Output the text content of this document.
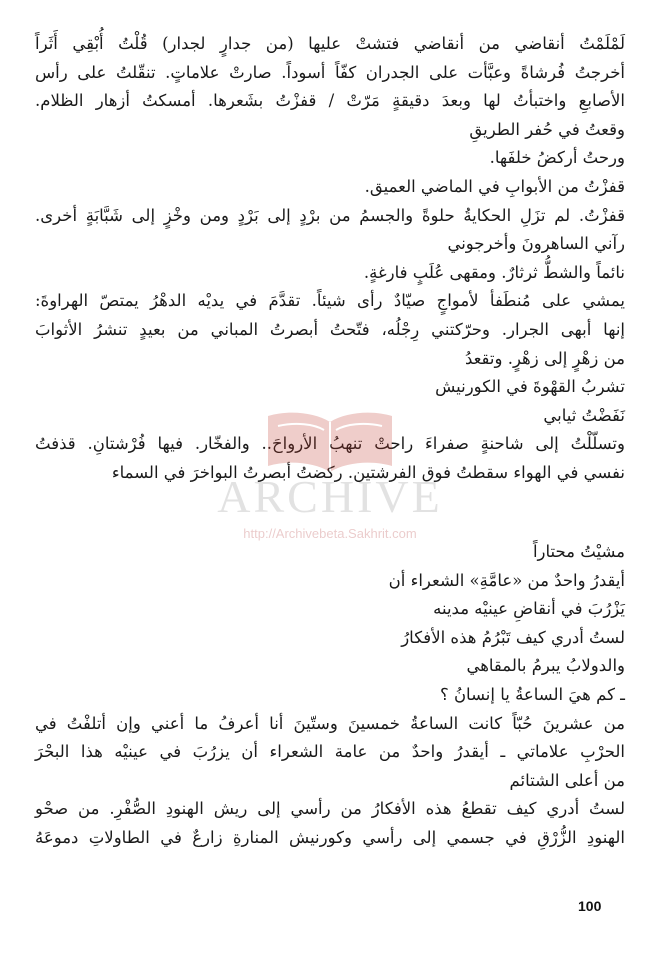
لَمْلَمْتُ أنقاضي من أنقاضي فتشتْ عليها (من جدارٍ لجدار) قُلْتُ أُبْقِي أَثَراً
أخرجتُ فُرشاةً وعبَّأت على الجدران كفّاً أسوداً. صارتْ علاماتٍ. تنقّلتُ على رأس
الأصابعِ واختبأتُ لها وبعدَ دقيقةٍ مَرّتْ / قفزْتُ بشَعرها. أمسكتُ أزهار الظلام.
وقعتُ في حُفر الطريقِ
ورحتُ أركضُ خلفَها.
قفزْتُ من الأبوابِ في الماضي العميق.
قفزْتُ. لم تزَلِ الحكايةُ حلوةً والجسمُ من برْدٍ إلى بَرْدٍ ومن وخْزٍ إلى شَبَّابَةٍ أخرى.
رآني الساهرونَ وأخرجوني
نائماً والشطُّ ثرثارٌ. ومقهى عُلَبٍ فارغةٍ.
يمشي على مُنطَفأ لأمواجٍ صيّادٌ رأى شيئاً. تقدَّمَ في يديْه الدهْرُ يمتصّ الهراوةَ:
إنها أبهى الجرار. وحرّكتني رِجْلُه، فتّحتُ أبصرتُ المباني من بعيدٍ تنشرُ الأثوابَ
من زهْرٍ إلى زهْرٍ. وتقعدُ
تشربُ القهْوةَ في الكورنيش
نَفَضْتُ ثيابي
وتسلّلْتُ إلى شاحنةٍ صفراءَ راحتْ تنهبُ الأرواحَ.. والفخّار. فيها فُرْشتانِ. قذفتُ
نفسي في الهواء سقطتُ فوق الفرشتين. ركضتُ أبصرتُ البواخرَ في السماء
مشيْتُ محتاراً
أيقدرُ واحدٌ من «عامَّةِ» الشعراء أن
يَزْرُبَ في أنقاضِ عينيْه مدينه
لستُ أدري كيف تَبْرُمُ هذه الأفكارُ
والدولابُ يبرمُ بالمقاهي
ـ كم هيَ الساعةُ يا إنسانُ ؟
من عشرينَ حُبّاً كانت الساعةُ خمسينَ وستّينَ أنا أعرفُ ما أعني وإن أتلفْتُ في
الحرْبِ علاماتي ـ أيقدرُ واحدٌ من عامة الشعراء أن يزرُبَ في عينيْه هذا البحْرَ
من أعلى الشتائم
لستُ أدري كيف تقطعُ هذه الأفكارُ من رأسي إلى ريش الهنودِ الصُّفْرِ. من صحْو
الهنودِ الزُّرْقِ في جسمي إلى رأسي وكورنيش المنارةِ زارعٌ في الطاولاتِ دموعَهُ
ARCHIVE
http://Archivebeta.Sakhrit.com
100
